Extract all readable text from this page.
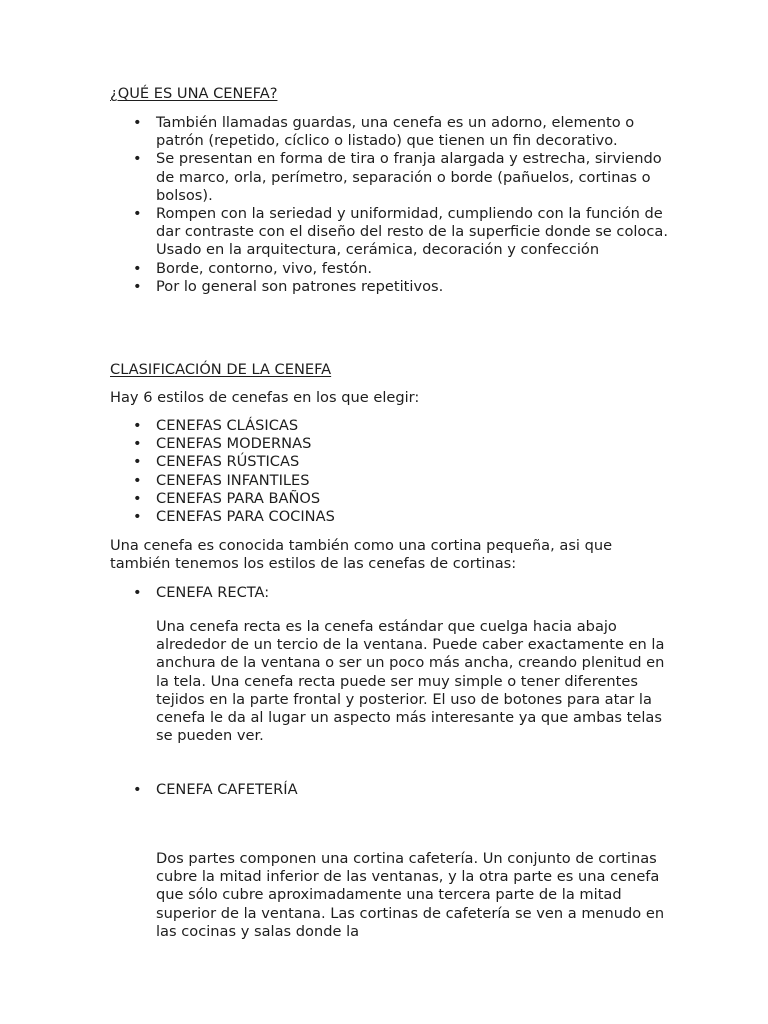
¿QUÉ ES UNA CENEFA?
• También llamadas guardas, una cenefa es un adorno, elemento o patrón (repetido, cíclico o listado) que tienen un fin decorativo.
• Se presentan en forma de tira o franja alargada y estrecha, sirviendo de marco, orla, perímetro, separación o borde (pañuelos, cortinas o bolsos).
• Rompen con la seriedad y uniformidad, cumpliendo con la función de dar contraste con el diseño del resto de la superficie donde se coloca. Usado en la arquitectura, cerámica, decoración y confección
• Borde, contorno, vivo, festón.
• Por lo general son patrones repetitivos.
CLASIFICACIÓN DE LA CENEFA

Hay 6 estilos de cenefas en los que elegir:

• CENEFAS CLÁSICAS
• CENEFAS MODERNAS
• CENEFAS RÚSTICAS
• CENEFAS INFANTILES
• CENEFAS PARA BAÑOS
• CENEFAS PARA COCINAS

Una cenefa es conocida también como una cortina pequeña, asi que también tenemos los estilos de las cenefas de cortinas:

• CENEFA RECTA:

Una cenefa recta es la cenefa estándar que cuelga hacia abajo alrededor de un tercio de la ventana. Puede caber exactamente en la anchura de la ventana o ser un poco más ancha, creando plenitud en la tela. Una cenefa recta puede ser muy simple o tener diferentes tejidos en la parte frontal y posterior. El uso de botones para atar la cenefa le da al lugar un aspecto más interesante ya que ambas telas se pueden ver.

• CENEFA CAFETERÍA

Dos partes componen una cortina cafetería. Un conjunto de cortinas cubre la mitad inferior de las ventanas, y la otra parte es una cenefa que sólo cubre aproximadamente una tercera parte de la mitad superior de la ventana. Las cortinas de cafetería se ven a menudo en las cocinas y salas donde la
